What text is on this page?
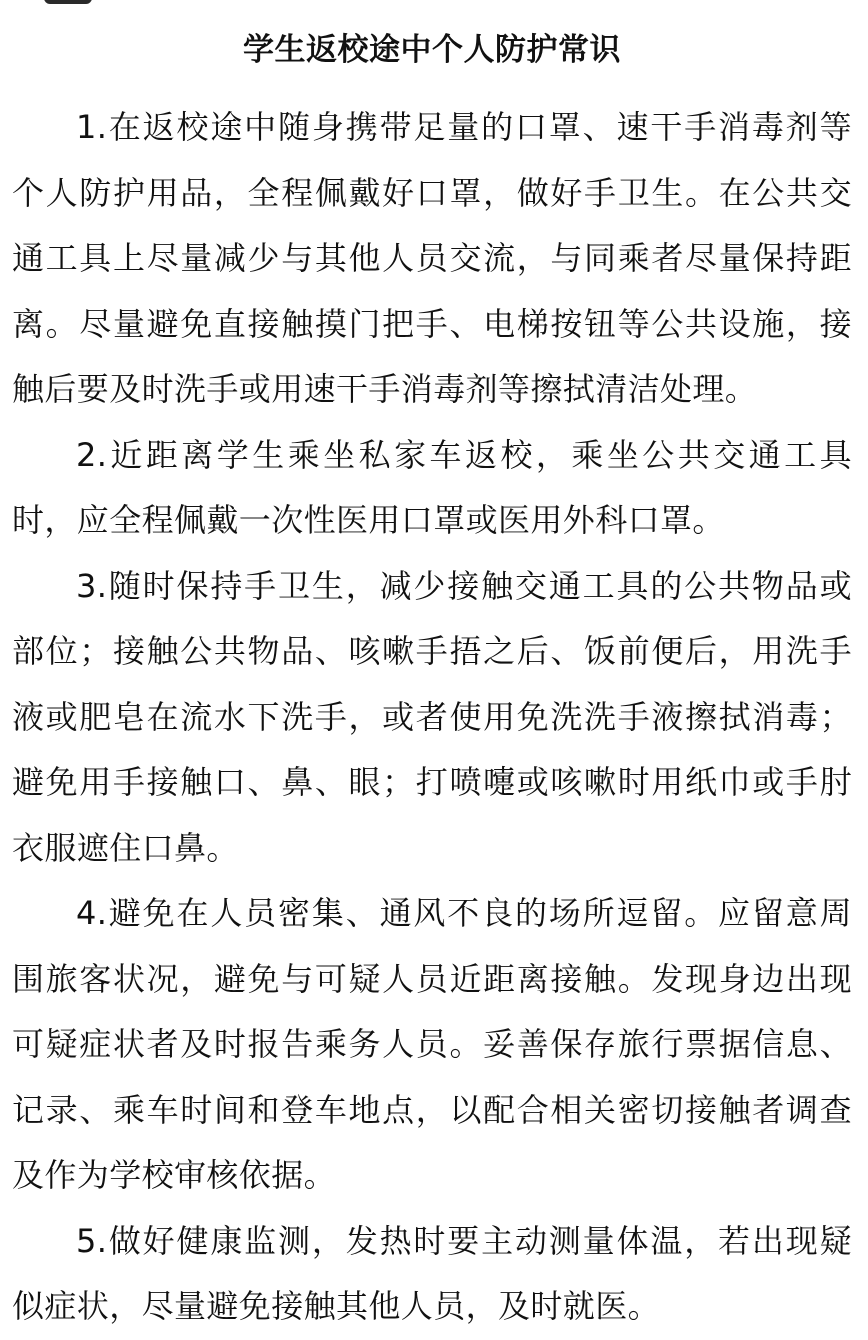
学生返校途中个人防护常识

1.在返校途中随身携带足量的口罩、速干手消毒剂等个人防护用品，全程佩戴好口罩，做好手卫生。在公共交通工具上尽量减少与其他人员交流，与同乘者尽量保持距离。尽量避免直接触摸门把手、电梯按钮等公共设施，接触后要及时洗手或用速干手消毒剂等擦拭清洁处理。

2.近距离学生乘坐私家车返校，乘坐公共交通工具时，应全程佩戴一次性医用口罩或医用外科口罩。

3.随时保持手卫生，减少接触交通工具的公共物品或部位；接触公共物品、咳嗽手捂之后、饭前便后，用洗手液或肥皂在流水下洗手，或者使用免洗洗手液擦拭消毒；避免用手接触口、鼻、眼；打喷嚏或咳嗽时用纸巾或手肘衣服遮住口鼻。

4.避免在人员密集、通风不良的场所逗留。应留意周围旅客状况，避免与可疑人员近距离接触。发现身边出现可疑症状者及时报告乘务人员。妥善保存旅行票据信息、记录、乘车时间和登车地点，以配合相关密切接触者调查及作为学校审核依据。

5.做好健康监测，发热时要主动测量体温，若出现疑似症状，尽量避免接触其他人员，及时就医。
